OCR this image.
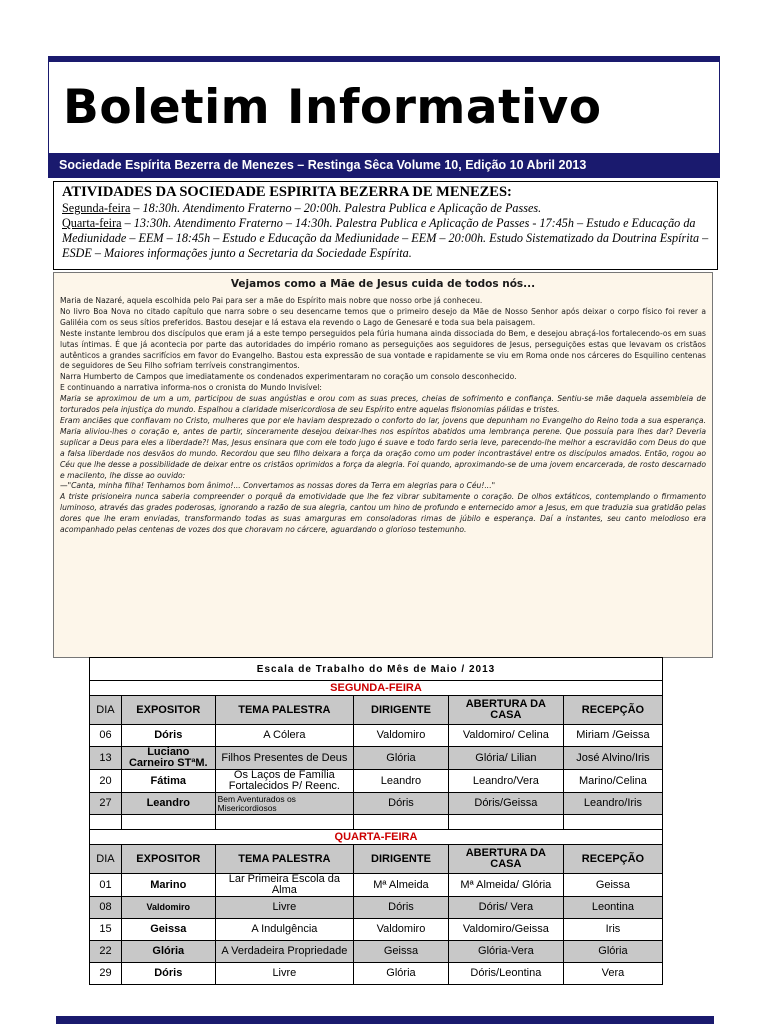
Boletim Informativo
Sociedade Espírita Bezerra de Menezes – Restinga Sêca Volume 10, Edição 10 Abril 2013
ATIVIDADES DA SOCIEDADE ESPIRITA BEZERRA DE MENEZES:
Segunda-feira – 18:30h. Atendimento Fraterno – 20:00h. Palestra Publica e Aplicação de Passes.
Quarta-feira – 13:30h. Atendimento Fraterno – 14:30h. Palestra Publica e Aplicação de Passes - 17:45h – Estudo e Educação da Mediunidade – EEM – 18:45h – Estudo e Educação da Mediunidade – EEM – 20:00h. Estudo Sistematizado da Doutrina Espírita – ESDE – Maiores informações junto a Secretaria da Sociedade Espírita.
Vejamos como a Mãe de Jesus cuida de todos nós...

Maria de Nazaré, aquela escolhida pelo Pai para ser a mãe do Espírito mais nobre que nosso orbe já conheceu.

No livro Boa Nova no citado capítulo que narra sobre o seu desencarne temos que o primeiro desejo da Mãe de Nosso Senhor após deixar o corpo físico foi rever a Galiléia com os seus sítios preferidos. Bastou desejar e lá estava ela revendo o Lago de Genesaré e toda sua bela paisagem.

Neste instante lembrou dos discípulos que eram já a este tempo perseguidos pela fúria humana ainda dissociada do Bem, e desejou abraçá-los fortalecendo-os em suas lutas íntimas. É que já acontecia por parte das autoridades do império romano as perseguições aos seguidores de Jesus, perseguições estas que levavam os cristãos autênticos a grandes sacrifícios em favor do Evangelho. Bastou esta expressão de sua vontade e rapidamente se viu em Roma onde nos cárceres do Esquilino centenas de seguidores de Seu Filho sofriam terríveis constrangimentos.

Narra Humberto de Campos que imediatamente os condenados experimentaram no coração um consolo desconhecido.

E continuando a narrativa informa-nos o cronista do Mundo Invisível:

Maria se aproximou de um a um, participou de suas angústias e orou com as suas preces, cheias de sofrimento e confiança. Sentiu-se mãe daquela assembleia de torturados pela injustiça do mundo. Espalhou a claridade misericordiosa de seu Espírito entre aquelas fisionomias pálidas e tristes.

Eram anciães que confiavam no Cristo, mulheres que por ele haviam desprezado o conforto do lar, jovens que depunham no Evangelho do Reino toda a sua esperança. Maria aliviou-lhes o coração e, antes de partir, sinceramente desejou deixar-lhes nos espíritos abatidos uma lembrança perene. Que possuía para lhes dar? Deveria suplicar a Deus para eles a liberdade?! Mas, Jesus ensinara que com ele todo jugo é suave e todo fardo seria leve, parecendo-lhe melhor a escravidão com Deus do que a falsa liberdade nos desvãos do mundo. Recordou que seu filho deixara a força da oração como um poder incontrastável entre os discípulos amados. Então, rogou ao Céu que lhe desse a possibilidade de deixar entre os cristãos oprimidos a força da alegria. Foi quando, aproximando-se de uma jovem encarcerada, de rosto descarnado e macilento, lhe disse ao ouvido:

—"Canta, minha filha! Tenhamos bom ânimo!... Convertamos as nossas dores da Terra em alegrias para o Céu!..."

A triste prisioneira nunca saberia compreender o porquê da emotividade que lhe fez vibrar subitamente o coração. De olhos extáticos, contemplando o firmamento luminoso, através das grades poderosas, ignorando a razão de sua alegria, cantou um hino de profundo e enternecido amor a Jesus, em que traduzia sua gratidão pelas dores que lhe eram enviadas, transformando todas as suas amarguras em consoladoras rimas de júbilo e esperança. Daí a instantes, seu canto melodioso era acompanhado pelas centenas de vozes dos que choravam no cárcere, aguardando o glorioso testemunho.

Escala de Trabalho do Mês de Maio / 2013					
SEGUNDA-FEIRA					
DIA	EXPOSITOR	TEMA PALESTRA	DIRIGENTE	ABERTURA DA CASA	RECEPÇÃO
06	Dóris	A Cólera	Valdomiro	Valdomiro/ Celina	Miriam /Geissa
13	Luciano Carneiro STªM.	Filhos Presentes de Deus	Glória	Glória/ Lilian	José Alvino/Iris
20	Fátima	Os Laços de Família Fortalecidos P/ Reenc.	Leandro	Leandro/Vera	Marino/Celina
27	Leandro	Bem Aventurados os Misericordiosos	Dóris	Dóris/Geissa	Leandro/Iris

QUARTA-FEIRA					
DIA	EXPOSITOR	TEMA PALESTRA	DIRIGENTE	ABERTURA DA CASA	RECEPÇÃO
01	Marino	Lar Primeira Escola da Alma	Mª Almeida	Mª Almeida/ Glória	Geissa
08	Valdomiro	Livre	Dóris	Dóris/ Vera	Leontina
15	Geissa	A Indulgência	Valdomiro	Valdomiro/Geissa	Iris
22	Glória	A Verdadeira Propriedade	Geissa	Glória-Vera	Glória
29	Dóris	Livre	Glória	Dóris/Leontina	Vera
